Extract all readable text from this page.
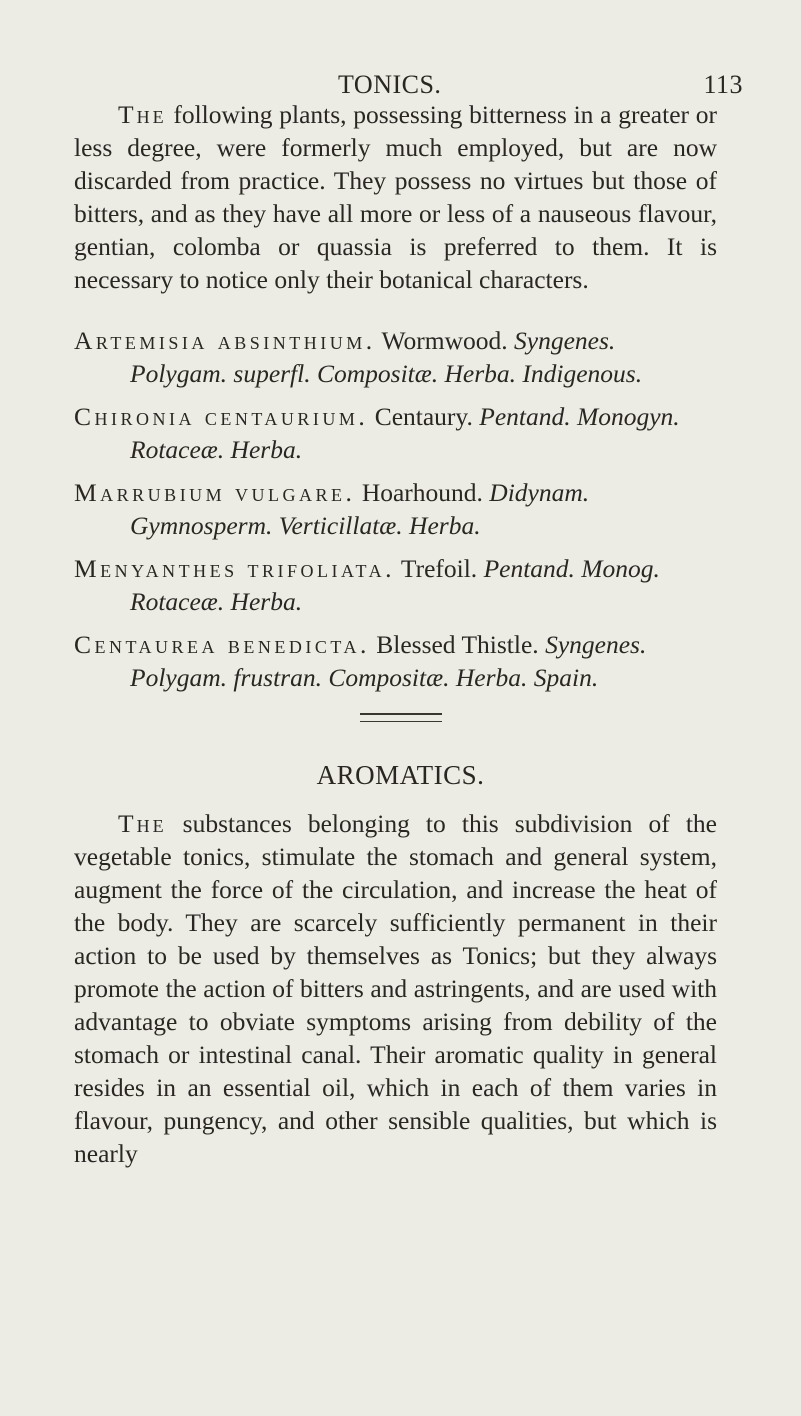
TONICS.	113

The following plants, possessing bitterness in a greater or less degree, were formerly much employed, but are now discarded from practice. They possess no virtues but those of bitters, and as they have all more or less of a nauseous flavour, gentian, colomba or quassia is preferred to them. It is necessary to notice only their botanical characters.

Artemisia absinthium. Wormwood. Syngenes. Polygam. superfl. Compositæ. Herba. Indigenous.

Chironia centaurium. Centaury. Pentand. Monogyn. Rotaceæ. Herba.

Marrubium vulgare. Hoarhound. Didynam. Gymnosperm. Verticillatæ. Herba.

Menyanthes trifoliata. Trefoil. Pentand. Monog. Rotaceæ. Herba.

Centaurea benedicta. Blessed Thistle. Syngenes. Polygam. frustran. Compositæ. Herba. Spain.

AROMATICS.

The substances belonging to this subdivision of the vegetable tonics, stimulate the stomach and general system, augment the force of the circulation, and increase the heat of the body. They are scarcely sufficiently permanent in their action to be used by themselves as Tonics; but they always promote the action of bitters and astringents, and are used with advantage to obviate symptoms arising from debility of the stomach or intestinal canal. Their aromatic quality in general resides in an essential oil, which in each of them varies in flavour, pungency, and other sensible qualities, but which is nearly
